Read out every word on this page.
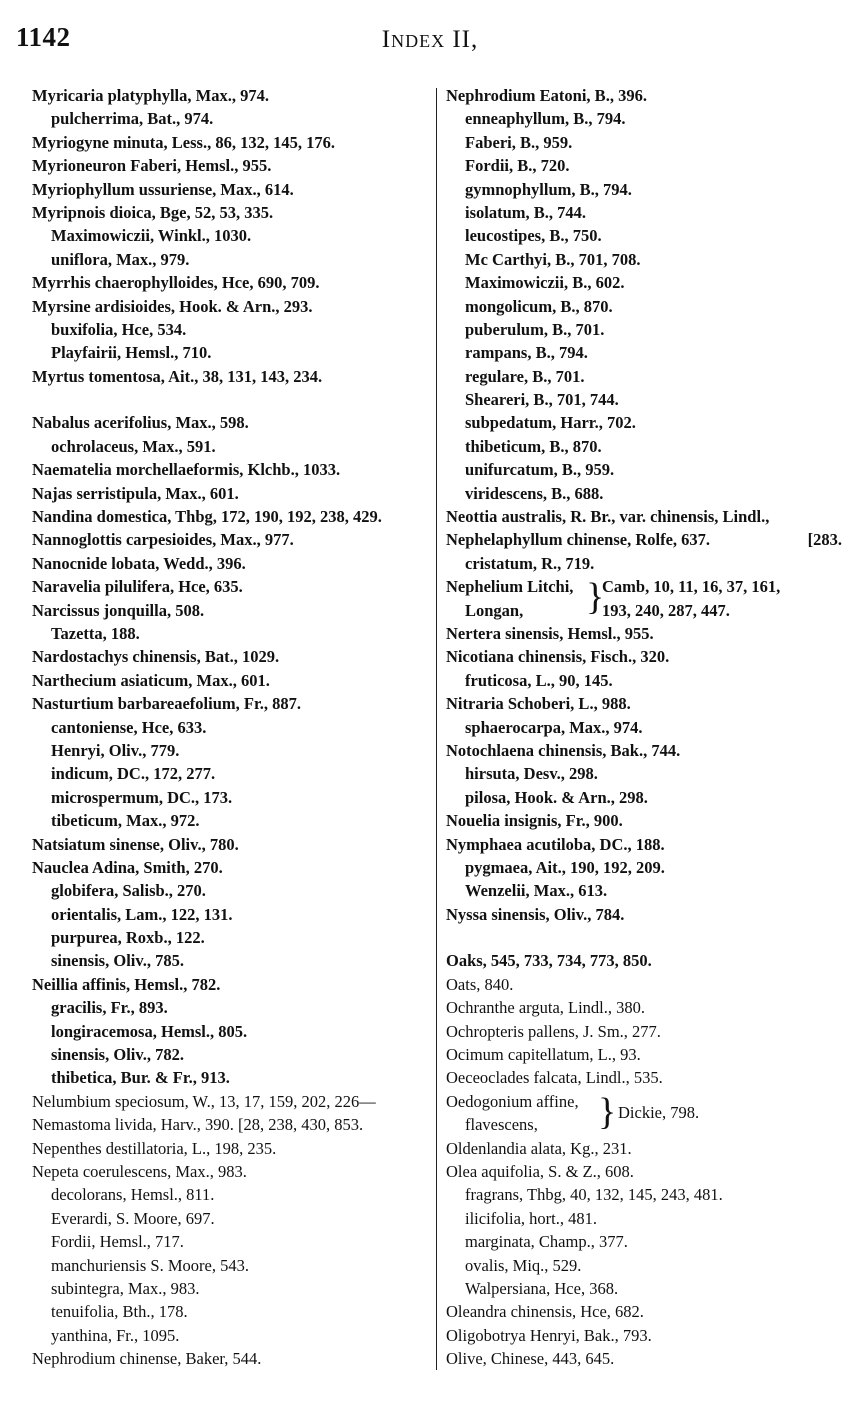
1142	Index II,
Myricaria platyphylla, Max., 974.
pulcherrima, Bat., 974.
Myriogyne minuta, Less., 86, 132, 145, 176.
Myrioneuron Faberi, Hemsl., 955.
Myriophyllum ussuriense, Max., 614.
Myripnois dioica, Bge, 52, 53, 335.
Maximowiczii, Winkl., 1030.
uniflora, Max., 979.
Myrrhis chaerophylloides, Hce, 690, 709.
Myrsine ardisioides, Hook. & Arn., 293.
buxifolia, Hce, 534.
Playfairii, Hemsl., 710.
Myrtus tomentosa, Ait., 38, 131, 143, 234.
Nabalus acerifolius, Max., 598.
ochrolaceus, Max., 591.
Naematelia morchellaeformis, Klchb., 1033.
Najas serristipula, Max., 601.
Nandina domestica, Thbg, 172, 190, 192, 238, 429.
Nannoglottis carpesioides, Max., 977.
Nanocnide lobata, Wedd., 396.
Naravelia pilulifera, Hce, 635.
Narcissus jonquilla, 508.
Tazetta, 188.
Nardostachys chinensis, Bat., 1029.
Narthecium asiaticum, Max., 601.
Nasturtium barbareaefolium, Fr., 887.
cantoniense, Hce, 633.
Henryi, Oliv., 779.
indicum, DC., 172, 277.
microspermum, DC., 173.
tibeticum, Max., 972.
Natsiatum sinense, Oliv., 780.
Nauclea Adina, Smith, 270.
globifera, Salisb., 270.
orientalis, Lam., 122, 131.
purpurea, Roxb., 122.
sinensis, Oliv., 785.
Neillia affinis, Hemsl., 782.
gracilis, Fr., 893.
longiracemosa, Hemsl., 805.
sinensis, Oliv., 782.
thibetica, Bur. & Fr., 913.
Nelumbium speciosum, W., 13, 17, 159, 202, 226—
Nemastoma livida, Harv., 390. [28, 238, 430, 853.
Nepenthes destillatoria, L., 198, 235.
Nepeta coerulescens, Max., 983.
decolorans, Hemsl., 811.
Everardi, S. Moore, 697.
Fordii, Hemsl., 717.
manchuriensis S. Moore, 543.
subintegra, Max., 983.
tenuifolia, Bth., 178.
yanthina, Fr., 1095.
Nephrodium chinense, Baker, 544.
Nephrodium Eatoni, B., 396.
enneaphyllum, B., 794.
Faberi, B., 959.
Fordii, B., 720.
gymnophyllum, B., 794.
isolatum, B., 744.
leucostipes, B., 750.
Mc Carthyi, B., 701, 708.
Maximowiczii, B., 602.
mongolicum, B., 870.
puberulum, B., 701.
rampans, B., 794.
regulare, B., 701.
Sheareri, B., 701, 744.
subpedatum, Harr., 702.
thibeticum, B., 870.
unifurcatum, B., 959.
viridescens, B., 688.
Neottia australis, R. Br., var. chinensis, Lindl.,
Nephelaphyllum chinense, Rolfe, 637.	[283.
cristatum, R., 719.
Nephelium Litchi,
Longan, }
Camb, 10, 11, 16, 37, 161,
193, 240, 287, 447.
Nertera sinensis, Hemsl., 955.
Nicotiana chinensis, Fisch., 320.
fruticosa, L., 90, 145.
Nitraria Schoberi, L., 988.
sphaerocarpa, Max., 974.
Notochlaena chinensis, Bak., 744.
hirsuta, Desv., 298.
pilosa, Hook. & Arn., 298.
Nouelia insignis, Fr., 900.
Nymphaea acutiloba, DC., 188.
pygmaea, Ait., 190, 192, 209.
Wenzelii, Max., 613.
Nyssa sinensis, Oliv., 784.
Oaks, 545, 733, 734, 773, 850.
Oats, 840.
Ochranthe arguta, Lindl., 380.
Ochropteris pallens, J. Sm., 277.
Ocimum capitellatum, L., 93.
Oeceoclades falcata, Lindl., 535.
Oedogonium affine,
flavescens, } Dickie, 798.
Oldenlandia alata, Kg., 231.
Olea aquifolia, S. & Z., 608.
fragrans, Thbg, 40, 132, 145, 243, 481.
ilicifolia, hort., 481.
marginata, Champ., 377.
ovalis, Miq., 529.
Walpersiana, Hce, 368.
Oleandra chinensis, Hce, 682.
Oligobotrya Henryi, Bak., 793.
Olive, Chinese, 443, 645.
